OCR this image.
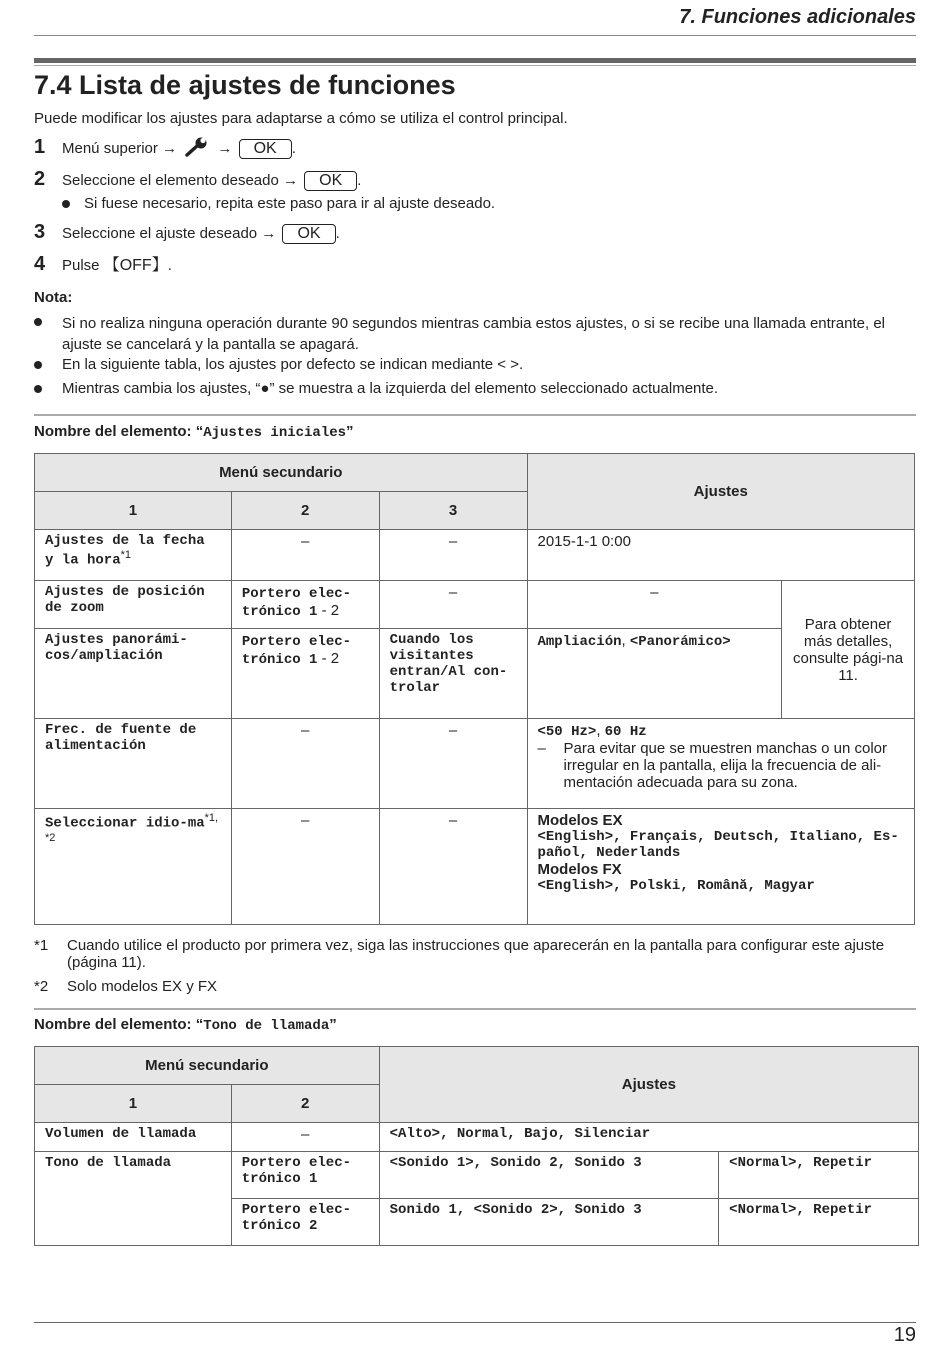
7. Funciones adicionales
7.4 Lista de ajustes de funciones
Puede modificar los ajustes para adaptarse a cómo se utiliza el control principal.
1 Menú superior →	→ OK .
2 Seleccione el elemento deseado → OK .
Si fuese necesario, repita este paso para ir al ajuste deseado.
3 Seleccione el ajuste deseado → OK .
4 Pulse 【OFF】.
Nota:
Si no realiza ninguna operación durante 90 segundos mientras cambia estos ajustes, o si se recibe una llamada entrante, el ajuste se cancelará y la pantalla se apagará.
En la siguiente tabla, los ajustes por defecto se indican mediante < >.
Mientras cambia los ajustes, “●” se muestra a la izquierda del elemento seleccionado actualmente.
Nombre del elemento: “Ajustes iniciales”
Menú secundario			Ajustes	
1	2	3		
Ajustes de la fecha y la hora$^{*1}$	–	–	2015-1-1 0:00	
Ajustes de posición de zoom	Portero elec-trónico 1 - 2	–	–	Para obtener más detalles, consulte pági-na 11.
Ajustes panorámi-cos/ampliación	Portero elec-trónico 1 - 2	Cuando los visitantes entran/Al con-trolar	Ampliación, <Panorámico>	
Frec. de fuente de alimentación	–	–	<50 Hz>, 60 Hz
– Para evitar que se muestren manchas o un color irregular en la pantalla, elija la frecuencia de ali-mentación adecuada para su zona.	

Seleccionar idio-$ma^{*1, *2}$	–	–	Modelos EX
<English>, Français, Deutsch, Italiano, Es-pañol, Nederlands
Modelos FX
<English>, Polski, Română, Magyar	
*1	Cuando utilice el producto por primera vez, siga las instrucciones que aparecerán en la pantalla para configurar este ajuste (página 11).
*2 Solo modelos EX y FX
Nombre del elemento: “Tono de llamada”
Menú secundario		Ajustes	
1	2		
Volumen de llamada	–	<Alto>, Normal, Bajo, Silenciar	
Tono de llamada	Portero elec-trónico 1	<Sonido 1>, Sonido 2, Sonido 3	<Normal>, Repetir
	Portero elec-trónico 2	Sonido 1, <Sonido 2>, Sonido 3	<Normal>, Repetir
19
